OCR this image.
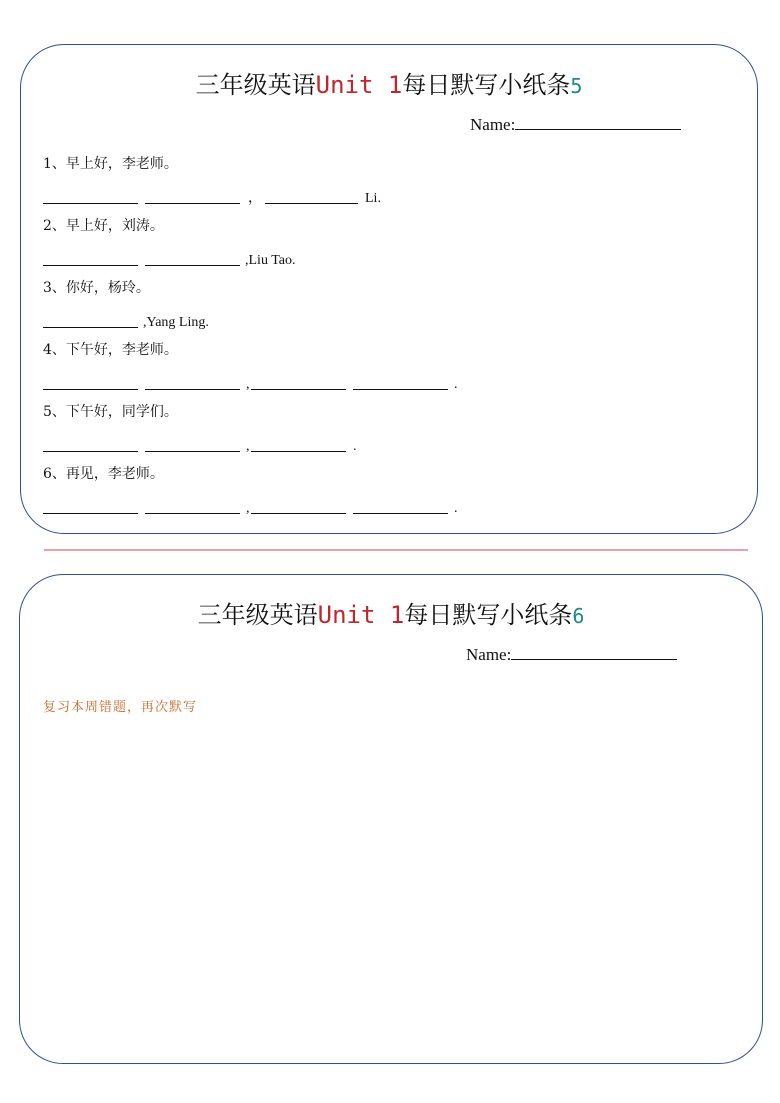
三年级英语Unit 1每日默写小纸条5
Name:
1、早上好，李老师。
，	Li.
2、早上好，刘涛。
,Liu Tao.
3、你好，杨玲。
,Yang Ling.
4、下午好，李老师。
,	.
5、下午好，同学们。
,	.
6、再见，李老师。
,	.
三年级英语Unit 1每日默写小纸条6
Name:
复习本周错题，再次默写
